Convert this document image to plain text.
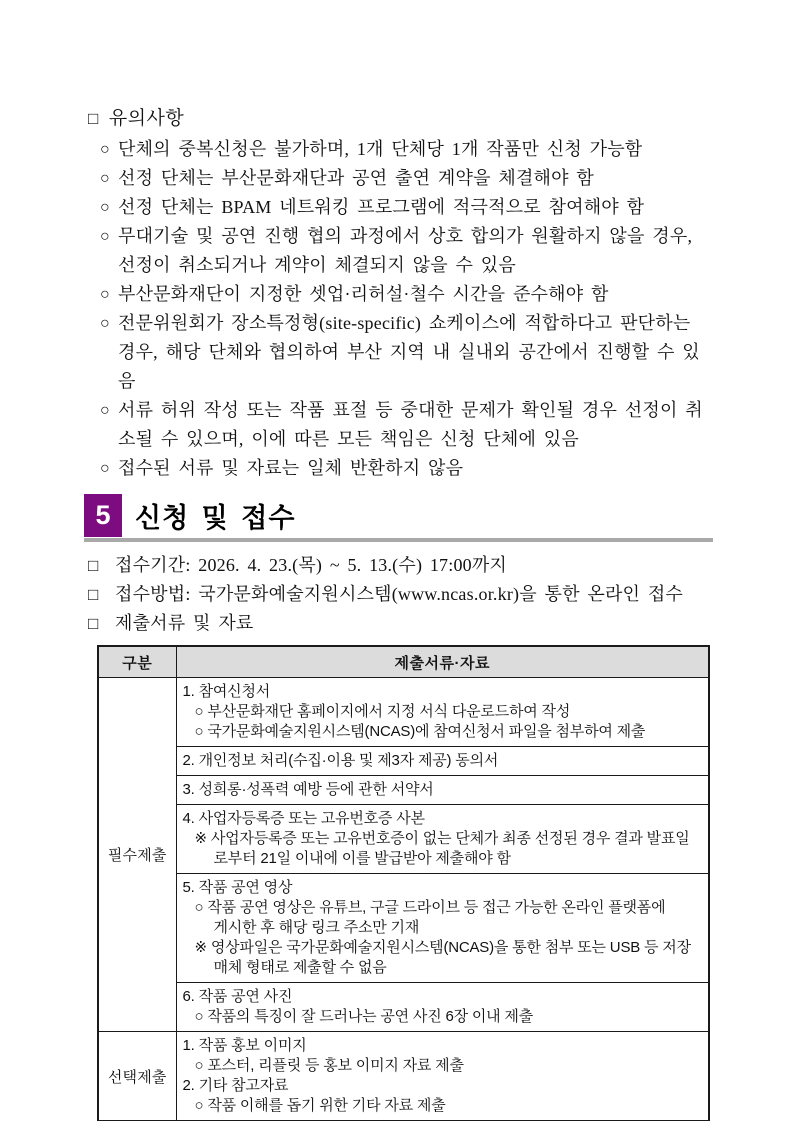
□ 유의사항
○ 단체의 중복신청은 불가하며, 1개 단체당 1개 작품만 신청 가능함
○ 선정 단체는 부산문화재단과 공연 출연 계약을 체결해야 함
○ 선정 단체는 BPAM 네트워킹 프로그램에 적극적으로 참여해야 함
○ 무대기술 및 공연 진행 협의 과정에서 상호 합의가 원활하지 않을 경우, 선정이 취소되거나 계약이 체결되지 않을 수 있음
○ 부산문화재단이 지정한 셋업·리허설·철수 시간을 준수해야 함
○ 전문위원회가 장소특정형(site-specific) 쇼케이스에 적합하다고 판단하는 경우, 해당 단체와 협의하여 부산 지역 내 실내외 공간에서 진행할 수 있음
○ 서류 허위 작성 또는 작품 표절 등 중대한 문제가 확인될 경우 선정이 취소될 수 있으며, 이에 따른 모든 책임은 신청 단체에 있음
○ 접수된 서류 및 자료는 일체 반환하지 않음
5 신청 및 접수
□ 접수기간: 2026. 4. 23.(목) ~ 5. 13.(수) 17:00까지
□ 접수방법: 국가문화예술지원시스템(www.ncas.or.kr)을 통한 온라인 접수
□ 제출서류 및 자료
구분	제출서류·자료
필수제출	1. 참여신청서
○ 부산문화재단 홈페이지에서 지정 서식 다운로드하여 작성
○ 국가문화예술지원시스템(NCAS)에 참여신청서 파일을 첨부하여 제출

	2. 개인정보 처리(수집·이용 및 제3자 제공) 동의서

	3. 성희롱·성폭력 예방 등에 관한 서약서

	4. 사업자등록증 또는 고유번호증 사본
※ 사업자등록증 또는 고유번호증이 없는 단체가 최종 선정된 경우 결과 발표일
로부터 21일 이내에 이를 발급받아 제출해야 함

	5. 작품 공연 영상
○ 작품 공연 영상은 유튜브, 구글 드라이브 등 접근 가능한 온라인 플랫폼에
게시한 후 해당 링크 주소만 기재
※ 영상파일은 국가문화예술지원시스템(NCAS)을 통한 첨부 또는 USB 등 저장
매체 형태로 제출할 수 없음

	6. 작품 공연 사진
○ 작품의 특징이 잘 드러나는 공연 사진 6장 이내 제출

선택제출	1. 작품 홍보 이미지
○ 포스터, 리플릿 등 홍보 이미지 자료 제출
2. 기타 참고자료
○ 작품 이해를 돕기 위한 기타 자료 제출
